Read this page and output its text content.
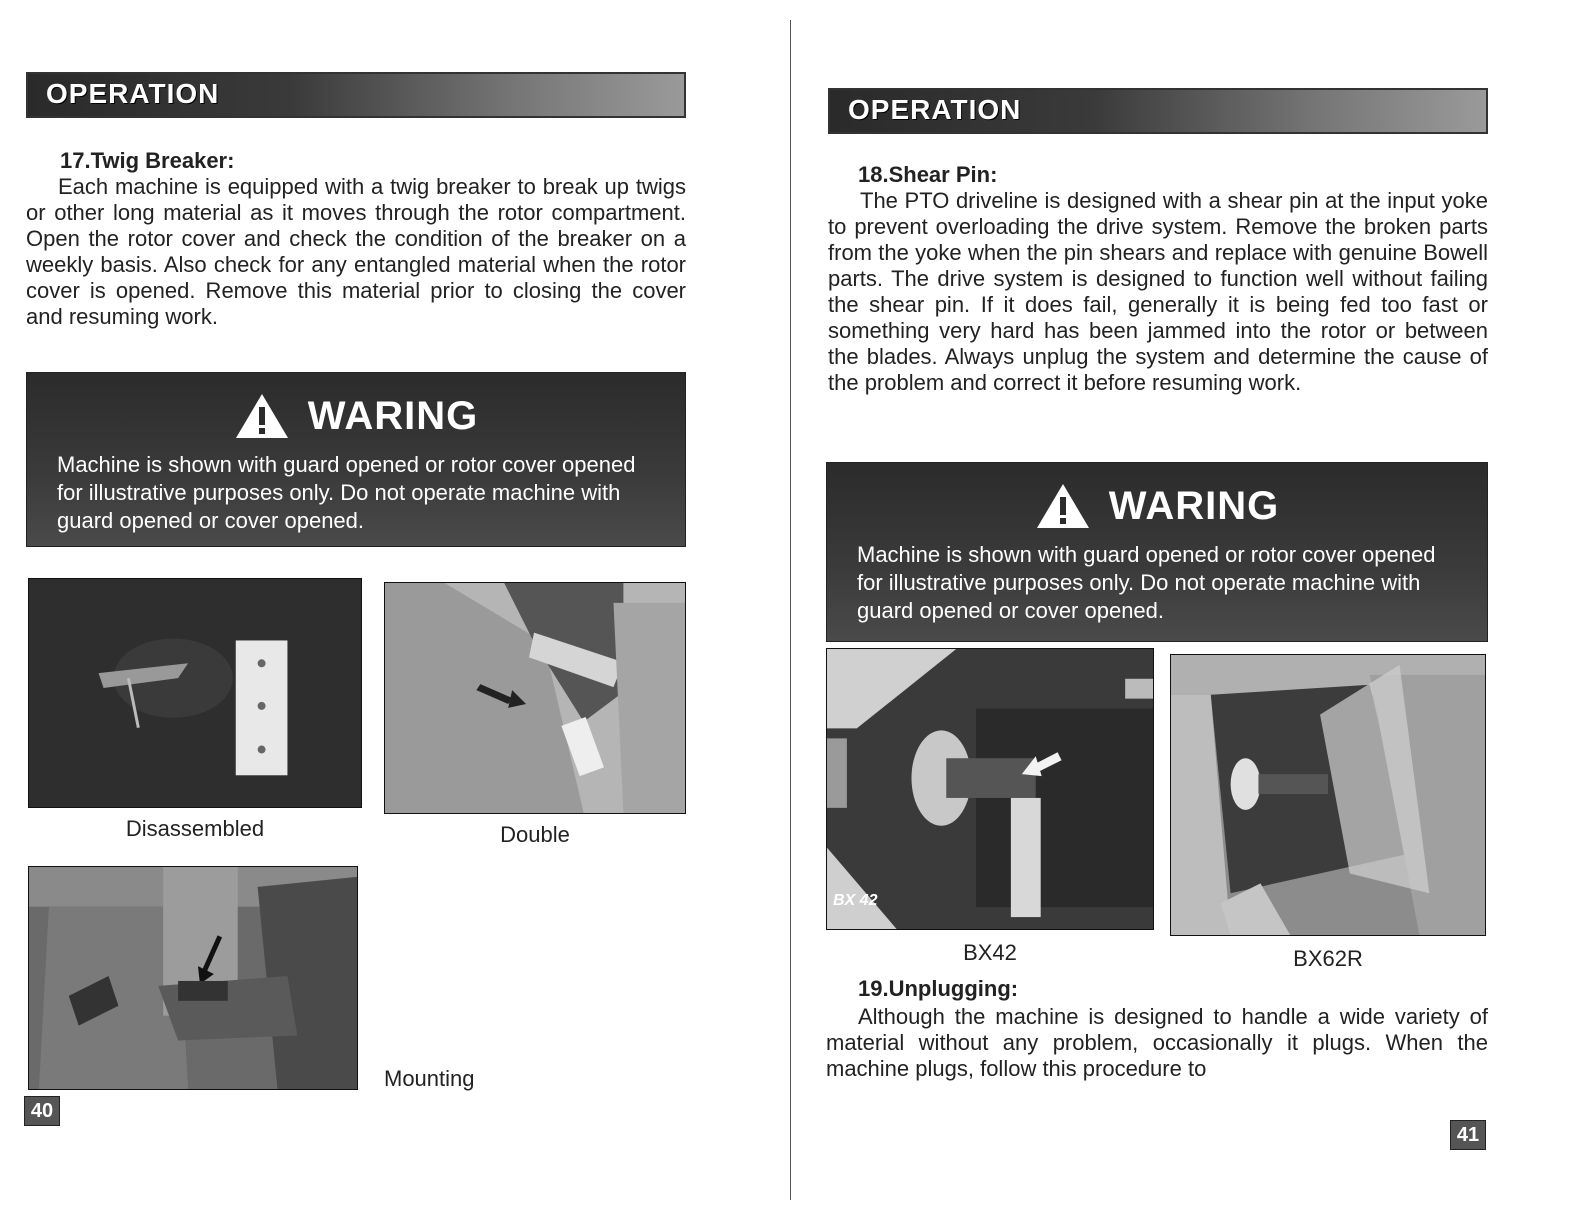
OPERATION
17.Twig Breaker:

Each machine is equipped with a twig breaker to break up twigs or other long material as it moves through the rotor compartment. Open the rotor cover and check the condition of the breaker on a weekly basis. Also check for any entangled material when the rotor cover is opened. Remove this material prior to closing the cover and resuming work.

WARING
Machine is shown with guard opened or rotor cover opened for illustrative purposes only. Do not operate machine with guard opened or cover opened.
Disassembled	Double
Mounting
40
OPERATION
18.Shear Pin:

The PTO driveline is designed with a shear pin at the input yoke to prevent overloading the drive system. Remove the broken parts from the yoke when the pin shears and replace with genuine Bowell parts. The drive system is designed to function well without failing the shear pin. If it does fail, generally it is being fed too fast or something very hard has been jammed into the rotor or between the blades. Always unplug the system and determine the cause of the problem and correct it before resuming work.

WARING
Machine is shown with guard opened or rotor cover opened for illustrative purposes only. Do not operate machine with guard opened or cover opened.
BX 42
BX42	BX62R
19.Unplugging:

Although the machine is designed to handle a wide variety of material without any problem, occasionally it plugs. When the machine plugs, follow this procedure to

41
